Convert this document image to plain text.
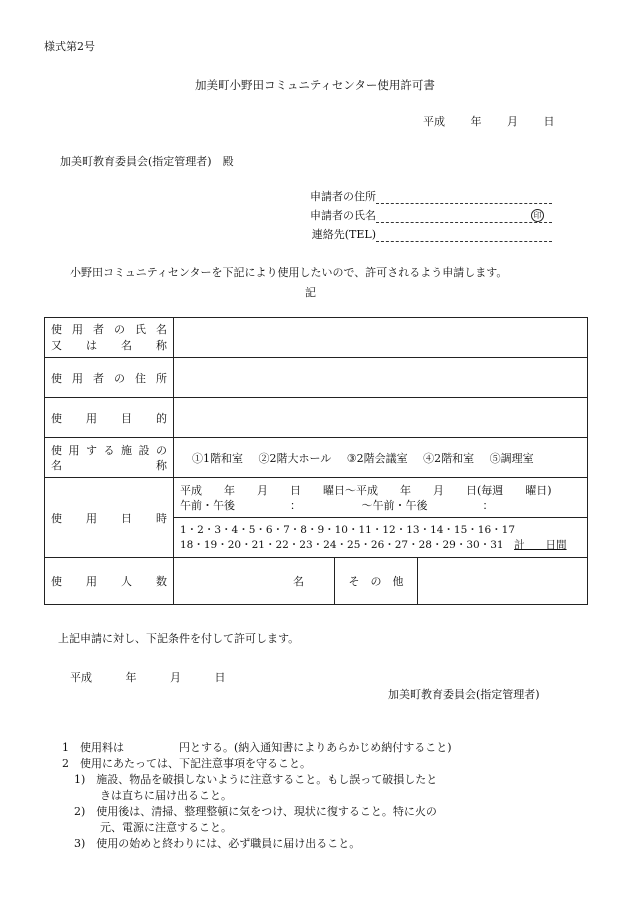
様式第2号
加美町小野田コミュニティセンター使用許可書
平成 年 月 日
加美町教育委員会(指定管理者)　殿
申請者の住所
申請者の氏名	印
連絡先(TEL)
小野田コミュニティセンターを下記により使用したいので、許可されるよう申請します。
記
使用者の氏名
又は名称			

使用者の住所			

使用目的			

使用する施設の
名称	①1階和室 ②2階大ホール ③2階会議室 ④2階和室 ⑤調理室		

使用日時	平成　　年　　月　　日　　曜日～平成　　年　　月　　日(毎週　　曜日)
午前・午後　　　　　：　　　　　　～午前・午後　　　　　：		

	1・2・3・4・5・6・7・8・9・10・11・12・13・14・15・16・17
18・19・20・21・22・23・24・25・26・27・28・29・30・31　 計　　日間		

使用人数	名	そ　の　他	
上記申請に対し、下記条件を付して許可します。
平成	年	月	日
加美町教育委員会(指定管理者)
1　使用料は　　　　　円とする。(納入通知書によりあらかじめ納付すること)
2　使用にあたっては、下記注意事項を守ること。
1)　施設、物品を破損しないように注意すること。もし誤って破損したと
きは直ちに届け出ること。
2)　使用後は、清掃、整理整頓に気をつけ、現状に復すること。特に火の
元、電源に注意すること。
3)　使用の始めと終わりには、必ず職員に届け出ること。
